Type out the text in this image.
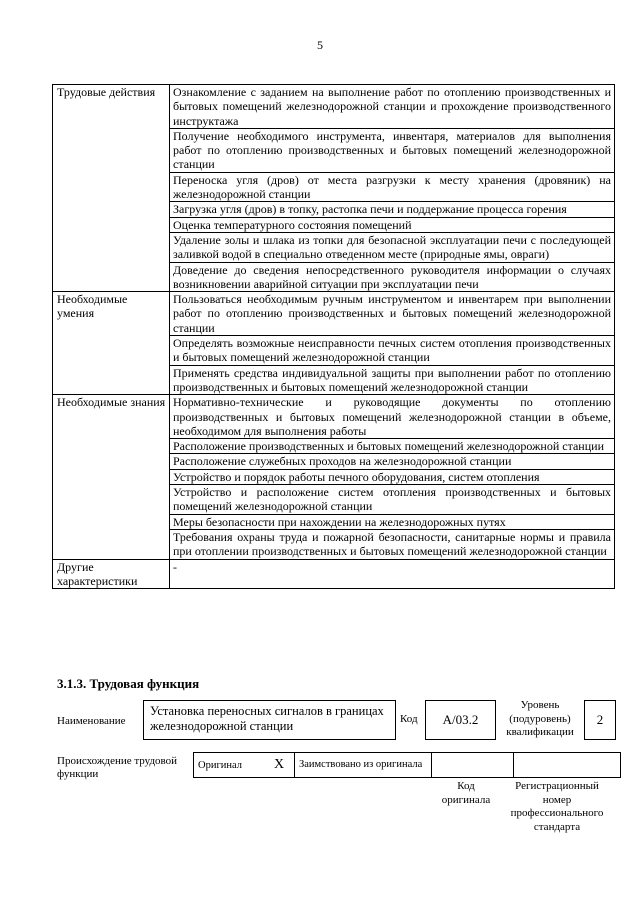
5
Трудовые действия	Ознакомление с заданием на выполнение работ по отоплению производственных и бытовых помещений железнодорожной станции и прохождение производственного инструктажа
	Получение необходимого инструмента, инвентаря, материалов для выполнения работ по отоплению производственных и бытовых помещений железнодорожной станции
	Переноска угля (дров) от места разгрузки к месту хранения (дровяник) на железнодорожной станции
	Загрузка угля (дров) в топку, растопка печи и поддержание процесса горения
	Оценка температурного состояния помещений
	Удаление золы и шлака из топки для безопасной эксплуатации печи с последующей заливкой водой в специально отведенном месте (природные ямы, овраги)
	Доведение до сведения непосредственного руководителя информации о случаях возникновении аварийной ситуации при эксплуатации печи
Необходимые умения	Пользоваться необходимым ручным инструментом и инвентарем при выполнении работ по отоплению производственных и бытовых помещений железнодорожной станции
	Определять возможные неисправности печных систем отопления производственных и бытовых помещений железнодорожной станции
	Применять средства индивидуальной защиты при выполнении работ по отоплению производственных и бытовых помещений железнодорожной станции
Необходимые знания	Нормативно-технические и руководящие документы по отоплению производственных и бытовых помещений железнодорожной станции в объеме, необходимом для выполнения работы
	Расположение производственных и бытовых помещений железнодорожной станции
	Расположение служебных проходов на железнодорожной станции
	Устройство и порядок работы печного оборудования, систем отопления
	Устройство и расположение систем отопления производственных и бытовых помещений железнодорожной станции
	Меры безопасности при нахождении на железнодорожных путях
	Требования охраны труда и пожарной безопасности, санитарные нормы и правила при отоплении производственных и бытовых помещений железнодорожной станции
Другие характеристики	-
3.1.3. Трудовая функция
Наименование
Установка переносных сигналов в границах железнодорожной станции	Код	А/03.2
Уровень (подуровень) квалификации
2
Происхождение трудовой функции
Оригинал	X	Заимствовано из оригинала		
Код оригинала
Регистрационный номер профессионального стандарта
